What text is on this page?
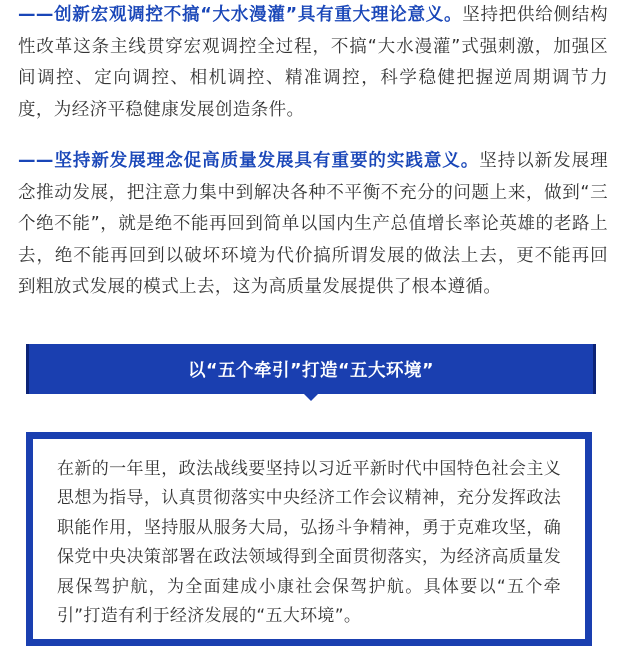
——创新宏观调控不搞“大水漫灌”具有重大理论意义。坚持把供给侧结构性改革这条主线贯穿宏观调控全过程，不搞“大水漫灌”式强刺激，加强区间调控、定向调控、相机调控、精准调控，科学稳健把握逆周期调节力度，为经济平稳健康发展创造条件。

——坚持新发展理念促高质量发展具有重要的实践意义。坚持以新发展理念推动发展，把注意力集中到解决各种不平衡不充分的问题上来，做到“三个绝不能”，就是绝不能再回到简单以国内生产总值增长率论英雄的老路上去，绝不能再回到以破坏环境为代价搞所谓发展的做法上去，更不能再回到粗放式发展的模式上去，这为高质量发展提供了根本遵循。

以“五个牵引”打造“五大环境”

在新的一年里，政法战线要坚持以习近平新时代中国特色社会主义思想为指导，认真贯彻落实中央经济工作会议精神，充分发挥政法职能作用，坚持服从服务大局，弘扬斗争精神，勇于克难攻坚，确保党中央决策部署在政法领域得到全面贯彻落实，为经济高质量发展保驾护航，为全面建成小康社会保驾护航。具体要以“五个牵引”打造有利于经济发展的“五大环境”。
